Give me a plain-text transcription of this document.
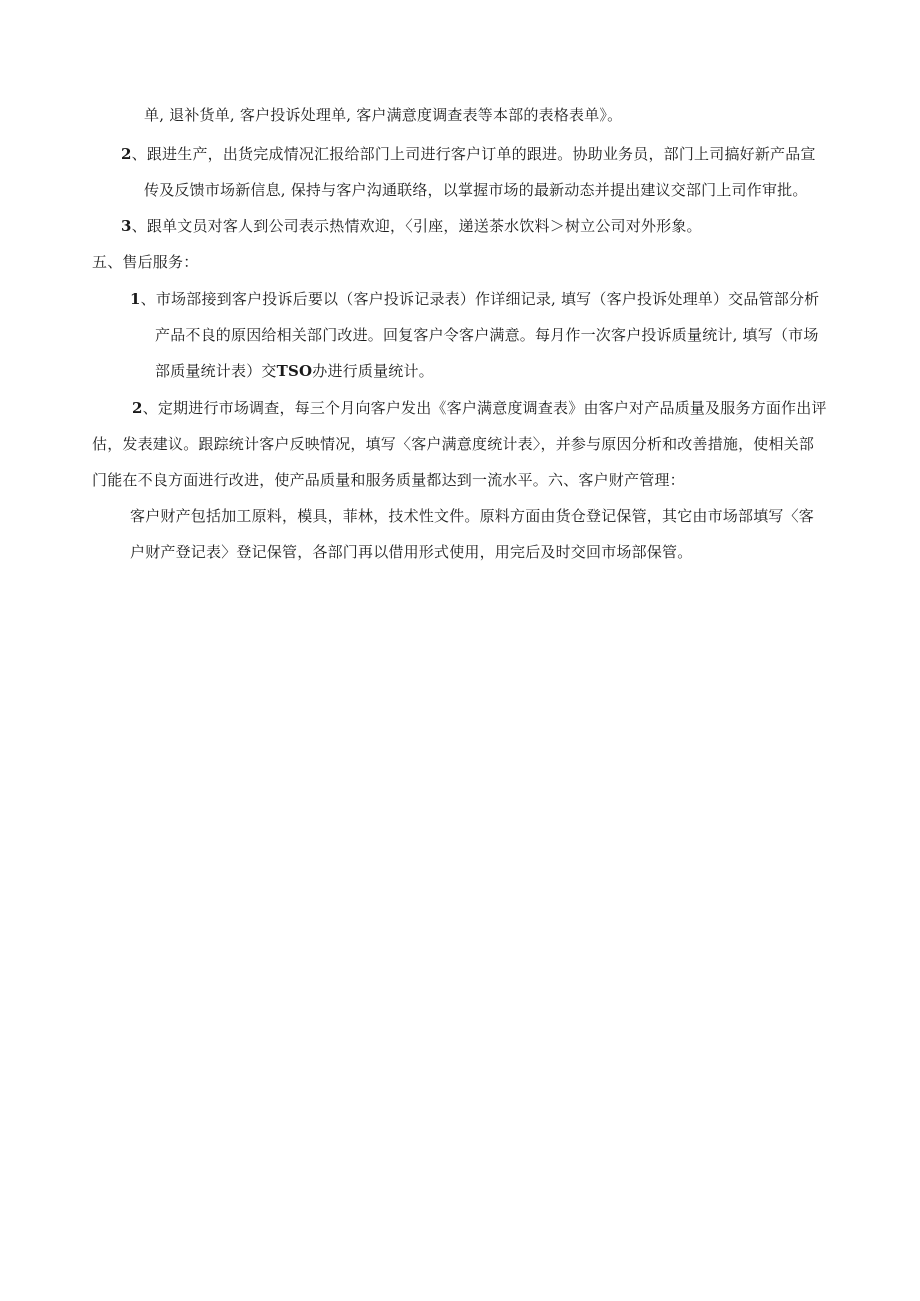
单, 退补货单, 客户投诉处理单, 客户满意度调查表等本部的表格表单》。
2、跟进生产，出货完成情况汇报给部门上司进行客户订单的跟进。协助业务员，部门上司搞好新产品宣
传及反馈市场新信息, 保持与客户沟通联络，以掌握市场的最新动态并提出建议交部门上司作审批。
3、跟单文员对客人到公司表示热情欢迎，〈引座，递送茶水饮料＞树立公司对外形象。
五、售后服务：
1、市场部接到客户投诉后要以（客户投诉记录表）作详细记录, 填写（客户投诉处理单）交品管部分析
产品不良的原因给相关部门改进。回复客户令客户满意。每月作一次客户投诉质量统计, 填写（市场
部质量统计表）交TSO办进行质量统计。
2、定期进行市场调查，每三个月向客户发出《客户满意度调查表》由客户对产品质量及服务方面作出评
估，发表建议。跟踪统计客户反映情况，填写〈客户满意度统计表〉，并参与原因分析和改善措施，使相关部
门能在不良方面进行改进，使产品质量和服务质量都达到一流水平。六、客户财产管理：
客户财产包括加工原料，模具，菲林，技术性文件。原料方面由货仓登记保管，其它由市场部填写〈客
户财产登记表〉登记保管，各部门再以借用形式使用，用完后及时交回市场部保管。
